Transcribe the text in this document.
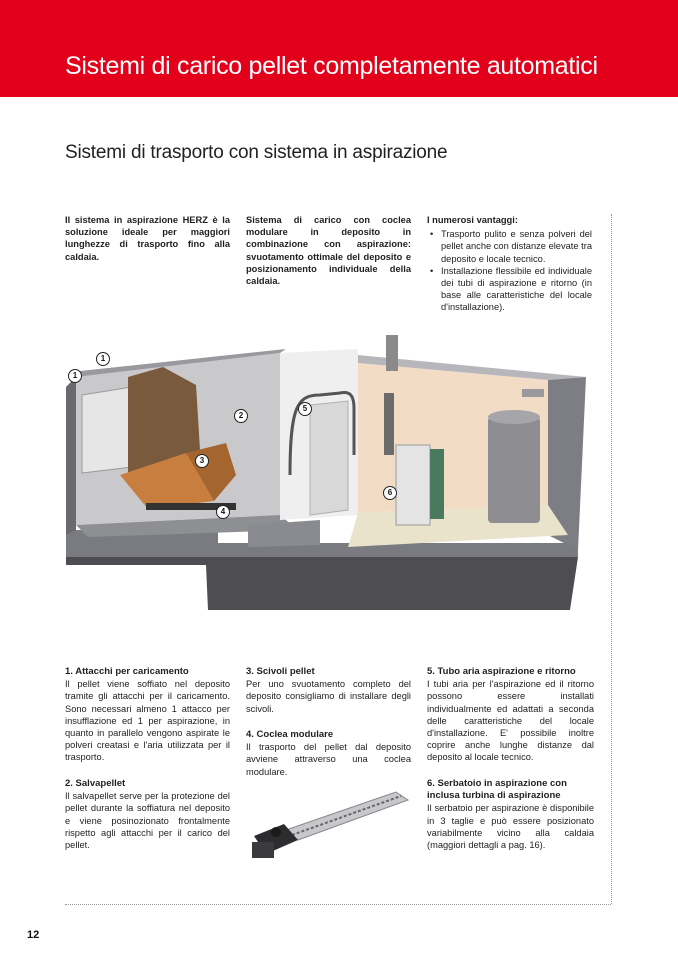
Sistemi di carico pellet completamente automatici
Sistemi di trasporto con sistema in aspirazione
Il sistema in aspirazione HERZ è la soluzione ideale per maggiori lunghezze di trasporto fino alla caldaia.
Sistema di carico con coclea modulare in deposito in combinazione con aspirazione: svuotamento ottimale del deposito e posizionamento individuale della caldaia.
I numerosi vantaggi:
• Trasporto pulito e senza polveri del pellet anche con distanze elevate tra deposito e locale tecnico.
• Installazione flessibile ed individuale dei tubi di aspirazione e ritorno (in base alle caratteristiche del locale d'installazione).
1
1
2
3
4
5
6
1. Attacchi per caricamento

Il pellet viene soffiato nel deposito tramite gli attacchi per il caricamento. Sono necessari almeno 1 attacco per insufflazione ed 1 per aspirazione, in quanto in parallelo vengono aspirate le polveri creatasi e l'aria utilizzata per il trasporto.

2. Salvapellet

Il salvapellet serve per la protezione del pellet durante la soffiatura nel deposito e viene posinozionato frontalmente rispetto agli attacchi per il carico del pellet.

3. Scivoli pellet

Per uno svuotamento completo del deposito consigliamo di installare degli scivoli.

4. Coclea modulare

Il trasporto del pellet dal deposito avviene attraverso una coclea modulare.

5. Tubo aria aspirazione e ritorno

I tubi aria per l'aspirazione ed il ritorno possono essere installati individualmente ed adattati a seconda delle caratteristiche del locale d'installazione. E' possibile inoltre coprire anche lunghe distanze dal deposito al locale tecnico.

6. Serbatoio in aspirazione con inclusa turbina di aspirazione

Il serbatoio per aspirazione è disponibile in 3 taglie e può essere posizionato variabilmente vicino alla caldaia (maggiori dettagli a pag. 16).

12
